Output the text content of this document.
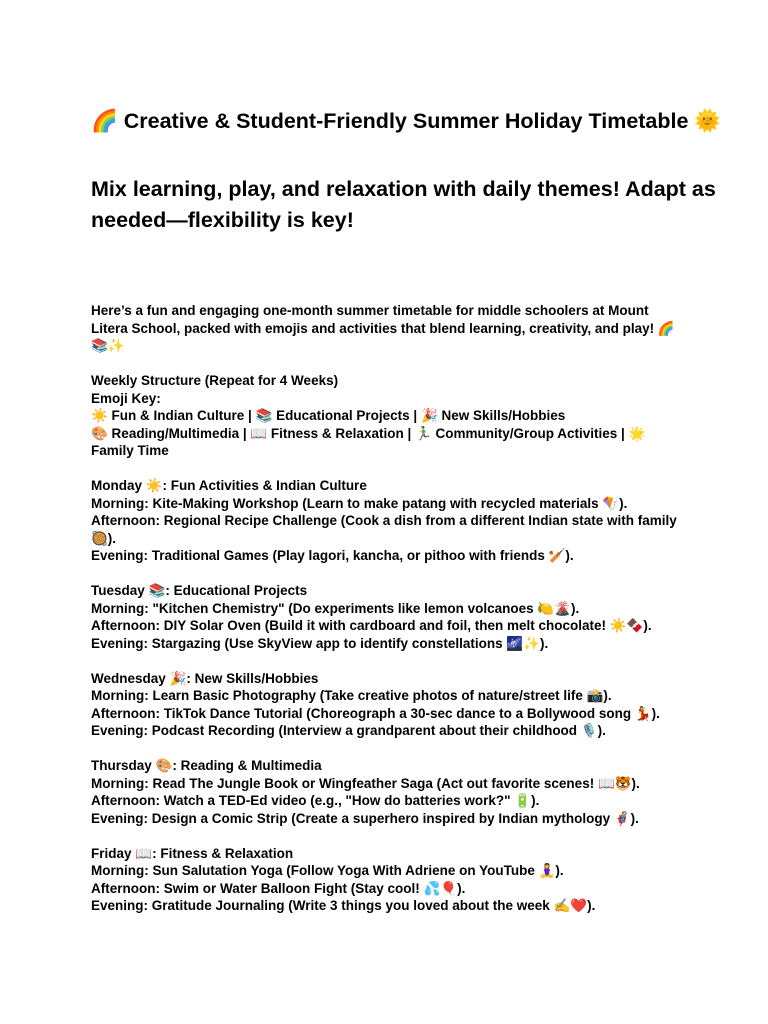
🌈 Creative & Student-Friendly Summer Holiday Timetable 🌞
Mix learning, play, and relaxation with daily themes! Adapt as needed—flexibility is key!

Here’s a fun and engaging one-month summer timetable for middle schoolers at Mount Litera School, packed with emojis and activities that blend learning, creativity, and play! 🌈📚✨

Weekly Structure (Repeat for 4 Weeks)
Emoji Key:
☀️ Fun & Indian Culture | 📚 Educational Projects | 🎉 New Skills/Hobbies
🎨 Reading/Multimedia | 📖 Fitness & Relaxation | 🏃‍♂️ Community/Group Activities | 🌟 Family Time

Monday ☀️: Fun Activities & Indian Culture
Morning: Kite-Making Workshop (Learn to make patang with recycled materials 🪁).
Afternoon: Regional Recipe Challenge (Cook a dish from a different Indian state with family 🥘).
Evening: Traditional Games (Play lagori, kancha, or pithoo with friends 🏏).

Tuesday 📚: Educational Projects
Morning: "Kitchen Chemistry" (Do experiments like lemon volcanoes 🍋🌋).
Afternoon: DIY Solar Oven (Build it with cardboard and foil, then melt chocolate! ☀️🍫).
Evening: Stargazing (Use SkyView app to identify constellations 🌌✨).

Wednesday 🎉: New Skills/Hobbies
Morning: Learn Basic Photography (Take creative photos of nature/street life 📸).
Afternoon: TikTok Dance Tutorial (Choreograph a 30-sec dance to a Bollywood song 💃).
Evening: Podcast Recording (Interview a grandparent about their childhood 🎙️).

Thursday 🎨: Reading & Multimedia
Morning: Read The Jungle Book or Wingfeather Saga (Act out favorite scenes! 📖🐯).
Afternoon: Watch a TED-Ed video (e.g., "How do batteries work?" 🔋).
Evening: Design a Comic Strip (Create a superhero inspired by Indian mythology 🦸‍♂️).

Friday 📖: Fitness & Relaxation
Morning: Sun Salutation Yoga (Follow Yoga With Adriene on YouTube 🧘‍♀️).
Afternoon: Swim or Water Balloon Fight (Stay cool! 💦🎈).
Evening: Gratitude Journaling (Write 3 things you loved about the week ✍️❤️).
